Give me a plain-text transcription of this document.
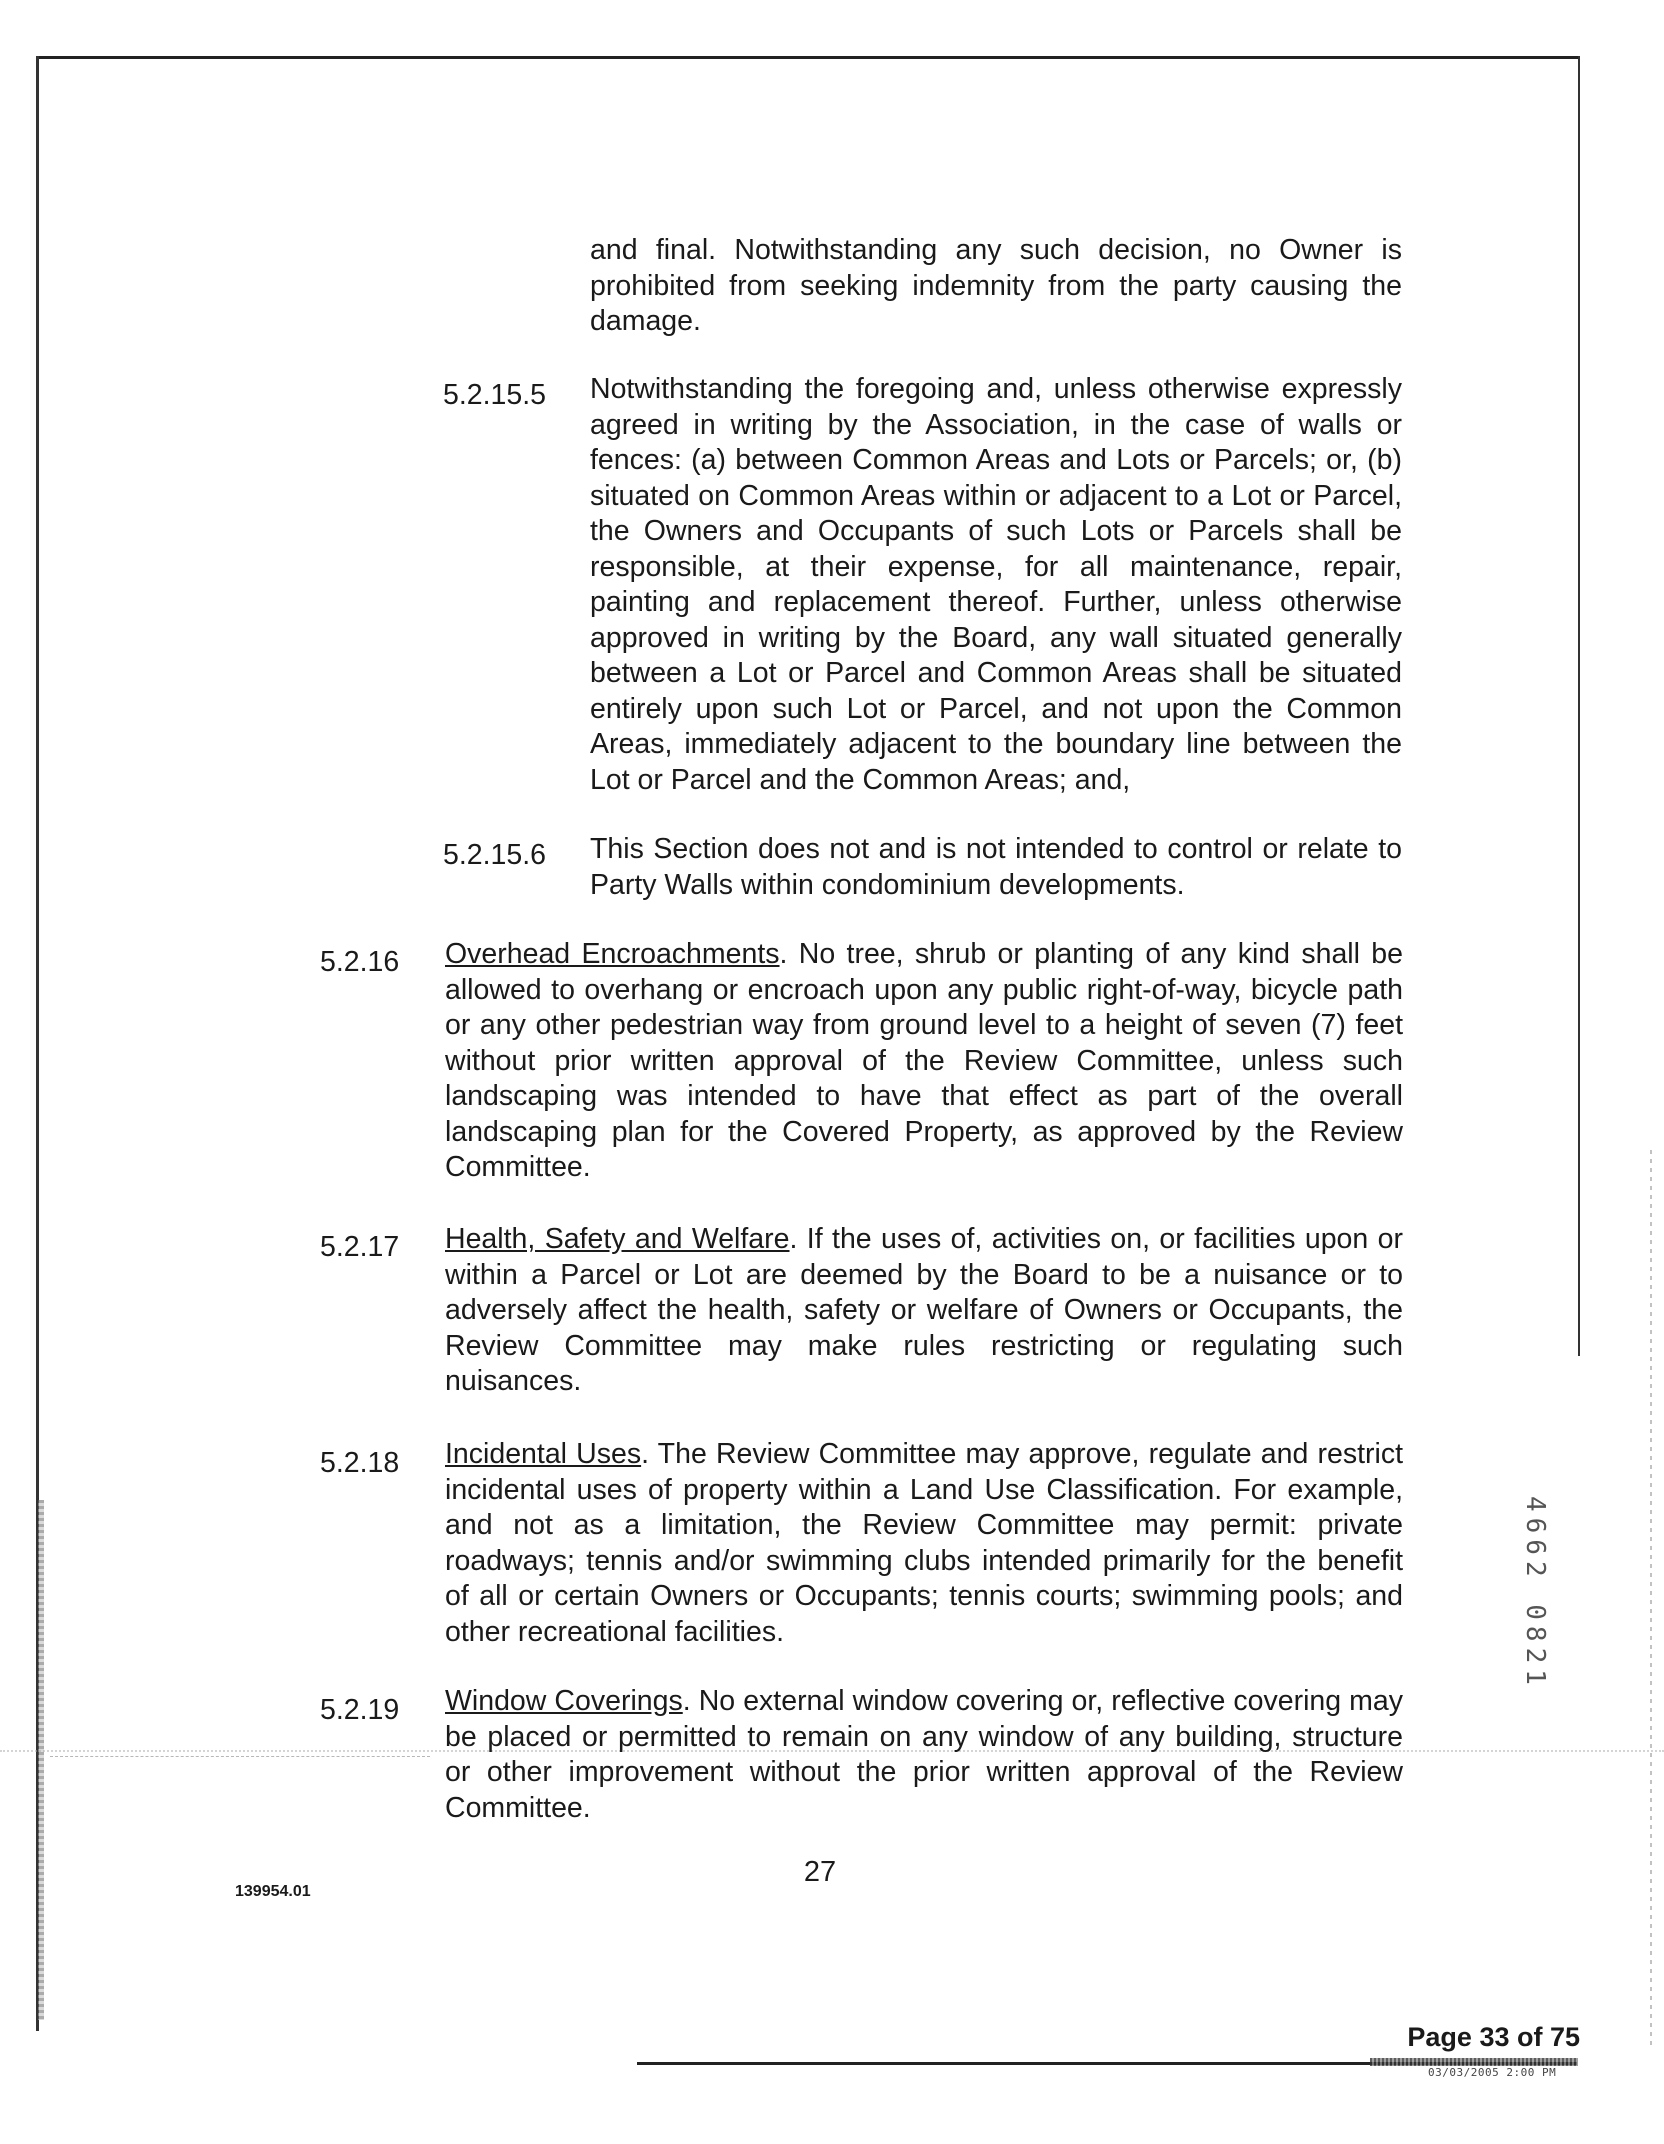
and final. Notwithstanding any such decision, no Owner is prohibited from seeking indemnity from the party causing the damage.

5.2.15.5 Notwithstanding the foregoing and, unless otherwise expressly agreed in writing by the Association, in the case of walls or fences: (a) between Common Areas and Lots or Parcels; or, (b) situated on Common Areas within or adjacent to a Lot or Parcel, the Owners and Occupants of such Lots or Parcels shall be responsible, at their expense, for all maintenance, repair, painting and replacement thereof. Further, unless otherwise approved in writing by the Board, any wall situated generally between a Lot or Parcel and Common Areas shall be situated entirely upon such Lot or Parcel, and not upon the Common Areas, immediately adjacent to the boundary line between the Lot or Parcel and the Common Areas; and,

5.2.15.6 This Section does not and is not intended to control or relate to Party Walls within condominium developments.

5.2.16 Overhead Encroachments. No tree, shrub or planting of any kind shall be allowed to overhang or encroach upon any public right-of-way, bicycle path or any other pedestrian way from ground level to a height of seven (7) feet without prior written approval of the Review Committee, unless such landscaping was intended to have that effect as part of the overall landscaping plan for the Covered Property, as approved by the Review Committee.

5.2.17 Health, Safety and Welfare. If the uses of, activities on, or facilities upon or within a Parcel or Lot are deemed by the Board to be a nuisance or to adversely affect the health, safety or welfare of Owners or Occupants, the Review Committee may make rules restricting or regulating such nuisances.

5.2.18 Incidental Uses. The Review Committee may approve, regulate and restrict incidental uses of property within a Land Use Classification. For example, and not as a limitation, the Review Committee may permit: private roadways; tennis and/or swimming clubs intended primarily for the benefit of all or certain Owners or Occupants; tennis courts; swimming pools; and other recreational facilities.

5.2.19 Window Coverings. No external window covering or, reflective covering may be placed or permitted to remain on any window of any building, structure or other improvement without the prior written approval of the Review Committee.

4662 0821
139954.01
27
Page 33 of 75
03/03/2005 2:00 PM
